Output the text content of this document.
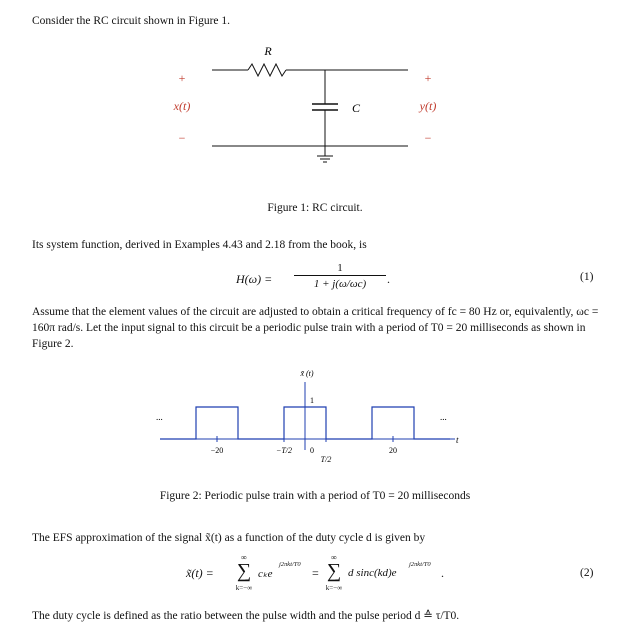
Consider the RC circuit shown in Figure 1.
R
C
+
x(t)
−
+
y(t)
−
Figure 1: RC circuit.
Its system function, derived in Examples 4.43 and 2.18 from the book, is
H(ω) =
1
1 + j(ω/ωc)	.	(1)
Assume that the element values of the circuit are adjusted to obtain a critical frequency of fc = 80 Hz or, equivalently, ωc = 160π rad/s. Let the input signal to this circuit be a periodic pulse train with a period of T0 = 20 milliseconds as shown in Figure 2.
x̃ (t)
1
...	...
t
−20	−T/2 0
T/2
20
Figure 2: Periodic pulse train with a period of T0 = 20 milliseconds
The EFS approximation of the signal x̃(t) as a function of the duty cycle d is given by
x̃(t) =
∞
∑
k=−∞
cₖe
j2πkt/T0
=
∞
∑
k=−∞
d sinc(kd)e
j2πkt/T0
.	(2)
The duty cycle is defined as the ratio between the pulse width and the pulse period d ≙ τ/T0.
